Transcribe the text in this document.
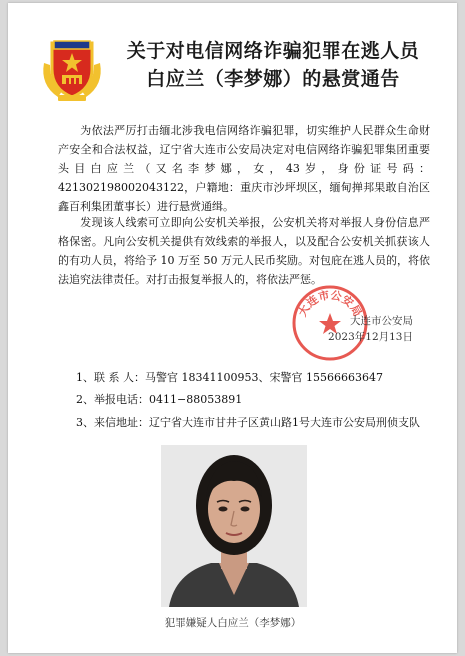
关于对电信网络诈骗犯罪在逃人员
白应兰（李梦娜）的悬赏通告
为依法严厉打击缅北涉我电信网络诈骗犯罪，切实维护人民群众生命财产安全和合法权益，辽宁省大连市公安局决定对电信网络诈骗犯罪集团重要头目白应兰（又名李梦娜，女，43岁，身份证号码：421302198002043122，户籍地：重庆市沙坪坝区，缅甸掸邦果敢自治区鑫百利集团董事长）进行悬赏通缉。
发现该人线索可立即向公安机关举报，公安机关将对举报人身份信息严格保密。凡向公安机关提供有效线索的举报人，以及配合公安机关抓获该人的有功人员，将给予 10 万至 50 万元人民币奖励。对包庇在逃人员的，将依法追究法律责任。对打击报复举报人的，将依法严惩。
大连市公安局
大连市公安局
2023年12月13日
1、联 系 人：马警官 18341100953、宋警官 15566663647
2、举报电话：0411−88053891
3、来信地址：辽宁省大连市甘井子区黄山路1号大连市公安局刑侦支队
犯罪嫌疑人白应兰（李梦娜）
